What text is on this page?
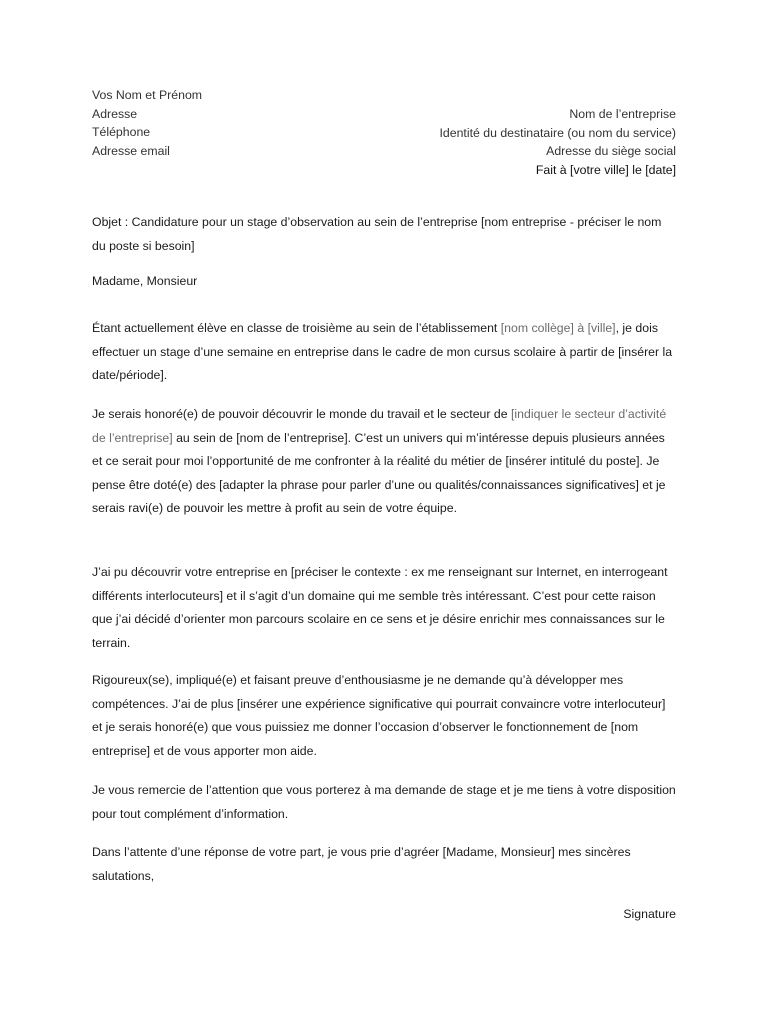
Vos Nom et Prénom
Adresse
Téléphone
Adresse email
Nom de l’entreprise
Identité du destinataire (ou nom du service)
Adresse du siège social
Fait à [votre ville] le [date]

Objet : Candidature pour un stage d’observation au sein de l’entreprise [nom entreprise - préciser le nom du poste si besoin]

Madame, Monsieur

Étant actuellement élève en classe de troisième au sein de l’établissement [nom collège] à [ville], je dois effectuer un stage d’une semaine en entreprise dans le cadre de mon cursus scolaire à partir de [insérer la date/période].

Je serais honoré(e) de pouvoir découvrir le monde du travail et le secteur de [indiquer le secteur d’activité de l’entreprise] au sein de [nom de l’entreprise]. C’est un univers qui m’intéresse depuis plusieurs années et ce serait pour moi l’opportunité de me confronter à la réalité du métier de [insérer intitulé du poste]. Je pense être doté(e) des [adapter la phrase pour parler d’une ou qualités/connaissances significatives] et je serais ravi(e) de pouvoir les mettre à profit au sein de votre équipe.

J’ai pu découvrir votre entreprise en [préciser le contexte : ex me renseignant sur Internet, en interrogeant différents interlocuteurs] et il s’agit d’un domaine qui me semble très intéressant. C’est pour cette raison que j’ai décidé d’orienter mon parcours scolaire en ce sens et je désire enrichir mes connaissances sur le terrain.

Rigoureux(se), impliqué(e) et faisant preuve d’enthousiasme je ne demande qu’à développer mes compétences. J’ai de plus [insérer une expérience significative qui pourrait convaincre votre interlocuteur] et je serais honoré(e) que vous puissiez me donner l’occasion d’observer le fonctionnement de [nom entreprise] et de vous apporter mon aide.

Je vous remercie de l’attention que vous porterez à ma demande de stage et je me tiens à votre disposition pour tout complément d’information.

Dans l’attente d’une réponse de votre part, je vous prie d’agréer [Madame, Monsieur] mes sincères salutations,

Signature
